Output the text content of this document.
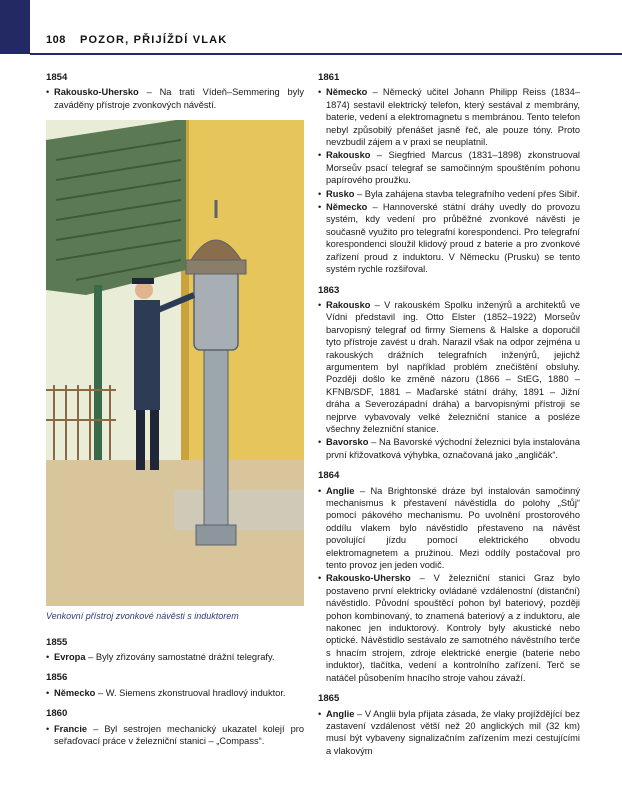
108 POZOR, PŘIJÍŽDÍ VLAK
1854
• Rakousko-Uhersko – Na trati Vídeň–Semmering byly zaváděny přístroje zvonkových návěstí.
Venkovní přístroj zvonkové návěsti s induktorem
1855
• Evropa – Byly zřizovány samostatné drážní telegrafy.
1856
• Německo – W. Siemens zkonstruoval hradlový induktor.
1860
• Francie – Byl sestrojen mechanický ukazatel kolejí pro seřaďovací práce v železniční stanici – „Compass“.
1861
• Německo – Německý učitel Johann Philipp Reiss (1834–1874) sestavil elektrický telefon, který sestával z membrány, baterie, vedení a elektromagnetu s membránou. Tento telefon nebyl způsobilý přenášet jasně řeč, ale pouze tóny. Proto nevzbudil zájem a v praxi se neuplatnil.
• Rakousko – Siegfried Marcus (1831–1898) zkonstruoval Morseův psací telegraf se samočinným spouštěním pohonu papírového proužku.
• Rusko – Byla zahájena stavba telegrafního vedení přes Sibiř.
• Německo – Hannoverské státní dráhy uvedly do provozu systém, kdy vedení pro průběžné zvonkové návěsti je současně využito pro telegrafní korespondenci. Pro telegrafní korespondenci sloužil klidový proud z baterie a pro zvonkové zařízení proud z induktoru. V Německu (Prusku) se tento systém rychle rozšiřoval.
1863
• Rakousko – V rakouském Spolku inženýrů a architektů ve Vídni představil ing. Otto Elster (1852–1922) Morseův barvopisný telegraf od firmy Siemens & Halske a doporučil tyto přístroje zavést u drah. Narazil však na odpor zejména u rakouských drážních telegrafních inženýrů, jejichž argumentem byl například problém znečištění obsluhy. Později došlo ke změně názoru (1866 – StEG, 1880 – KFNB/SDF, 1881 – Maďarské státní dráhy, 1891 – Jižní dráha a Severozápadní dráha) a barvopisnými přístroji se nejprve vybavovaly velké železniční stanice a posléze všechny železniční stanice.
• Bavorsko – Na Bavorské východní železnici byla instalována první křižovatková výhybka, označovaná jako „angličák“.
1864
• Anglie – Na Brightonské dráze byl instalován samočinný mechanismus k přestavení návěstidla do polohy „Stůj“ pomocí pákového mechanismu. Po uvolnění prostorového oddílu vlakem bylo návěstidlo přestaveno na návěst povolující jízdu pomocí elektrického obvodu elektromagnetem a pružinou. Mezi oddíly postačoval pro tento provoz jen jeden vodič.
• Rakousko-Uhersko – V železniční stanici Graz bylo postaveno první elektricky ovládané vzdálenostní (distanční) návěstidlo. Původní spouštěcí pohon byl bateriový, později pohon kombinovaný, to znamená bateriový a z induktoru, ale nakonec jen induktorový. Kontroly byly akustické nebo optické. Návěstidlo sestávalo ze samotného návěstního terče s hnacím strojem, zdroje elektrické energie (baterie nebo induktor), tlačítka, vedení a kontrolního zařízení. Terč se natáčel působením hnacího stroje vahou závaží.
1865
• Anglie – V Anglii byla přijata zásada, že vlaky projíždějící bez zastavení vzdálenost větší než 20 anglických mil (32 km) musí být vybaveny signalizačním zařízením mezi cestujícími a vlakovým
